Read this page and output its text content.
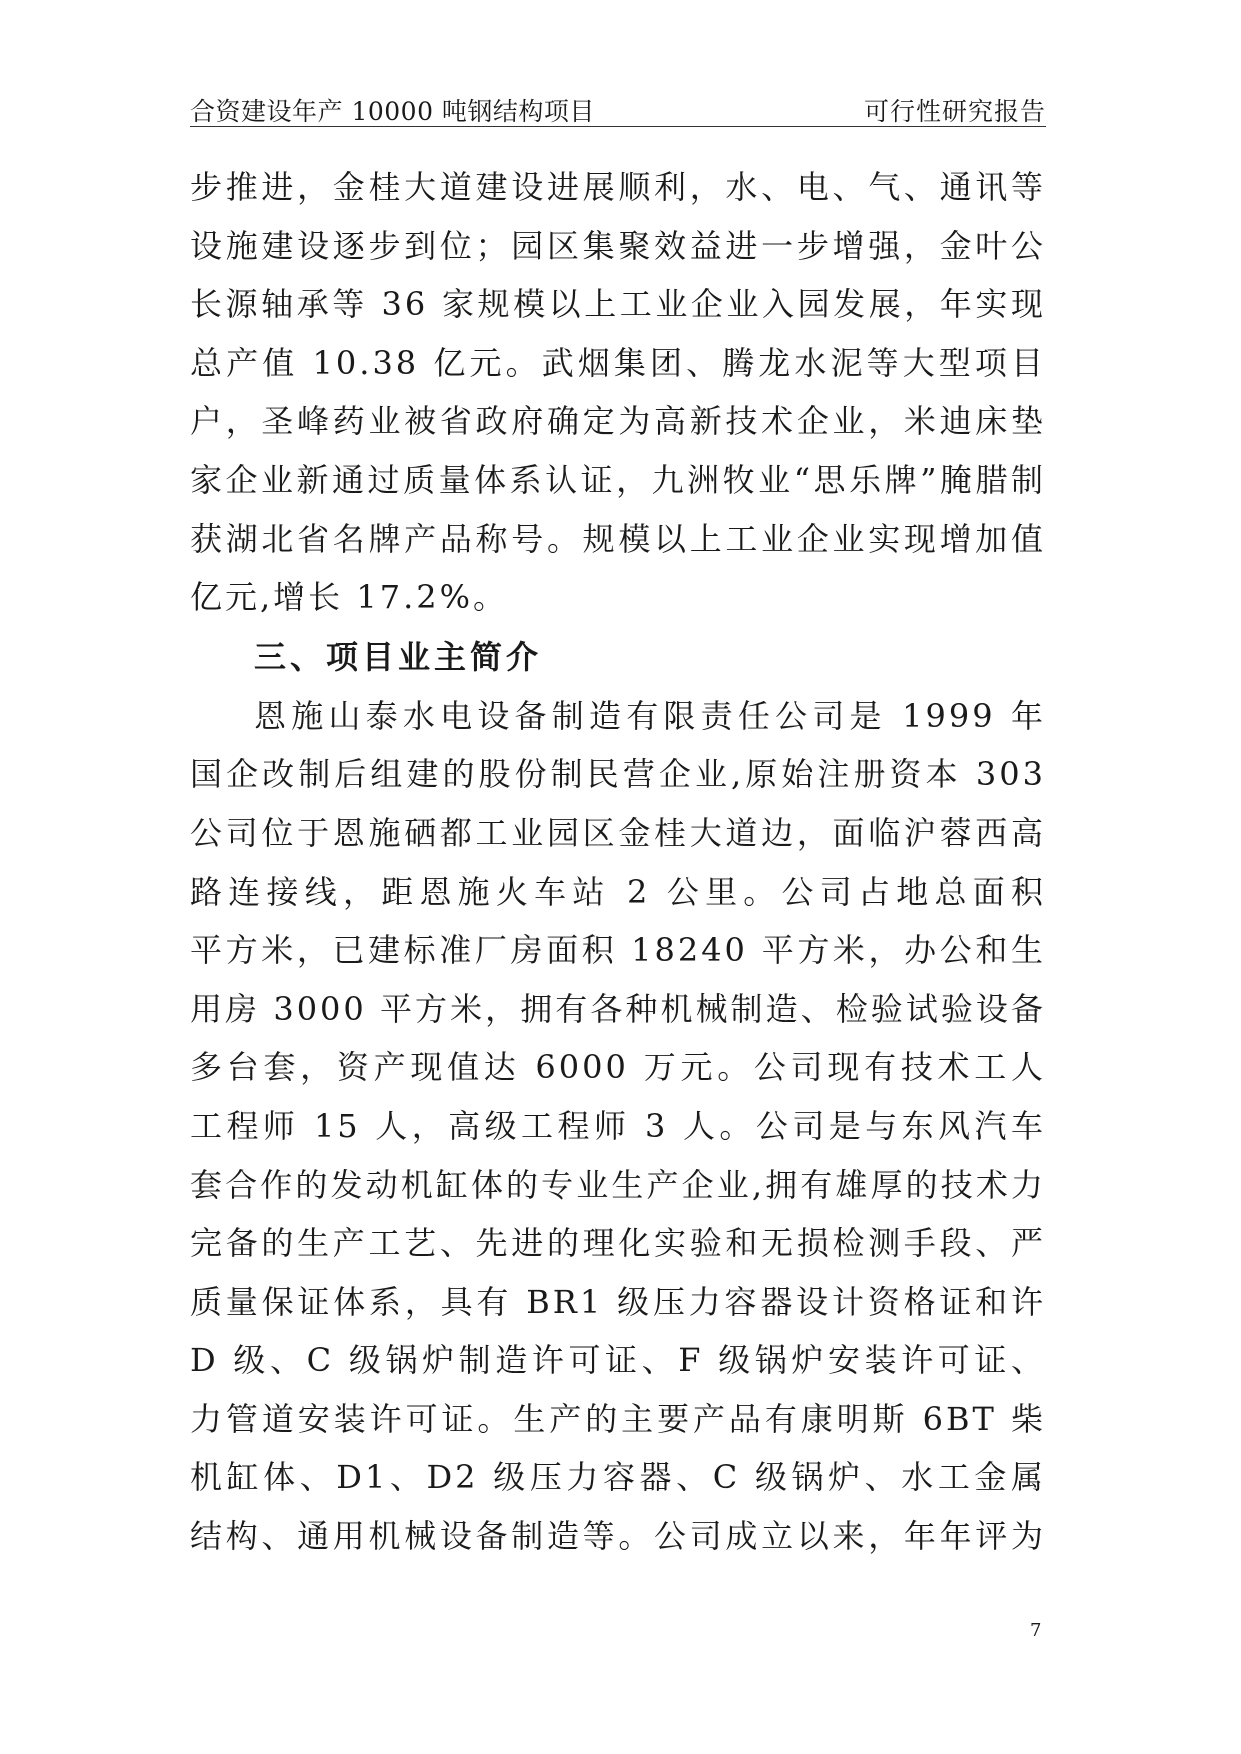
合资建设年产 10000 吨钢结构项目	可行性研究报告
步推进，金桂大道建设进展顺利，水、电、气、通讯等
设施建设逐步到位；园区集聚效益进一步增强，金叶公
长源轴承等 36 家规模以上工业企业入园发展，年实现
总产值 10.38 亿元。武烟集团、腾龙水泥等大型项目
户，圣峰药业被省政府确定为高新技术企业，米迪床垫
家企业新通过质量体系认证，九洲牧业“思乐牌”腌腊制
获湖北省名牌产品称号。规模以上工业企业实现增加值
亿元,增长 17.2%。
三、项目业主简介
恩施山泰水电设备制造有限责任公司是 1999 年
国企改制后组建的股份制民营企业,原始注册资本 303
公司位于恩施硒都工业园区金桂大道边，面临沪蓉西高
路连接线，距恩施火车站 2 公里。公司占地总面积
平方米，已建标准厂房面积 18240 平方米，办公和生
用房 3000 平方米，拥有各种机械制造、检验试验设备
多台套，资产现值达 6000 万元。公司现有技术工人
工程师 15 人，高级工程师 3 人。公司是与东风汽车
套合作的发动机缸体的专业生产企业,拥有雄厚的技术力
完备的生产工艺、先进的理化实验和无损检测手段、严
质量保证体系，具有 BR1 级压力容器设计资格证和许
D 级、C 级锅炉制造许可证、F 级锅炉安装许可证、
力管道安装许可证。生产的主要产品有康明斯 6BT 柴
机缸体、D1、D2 级压力容器、C 级锅炉、水工金属
结构、通用机械设备制造等。公司成立以来，年年评为
7
